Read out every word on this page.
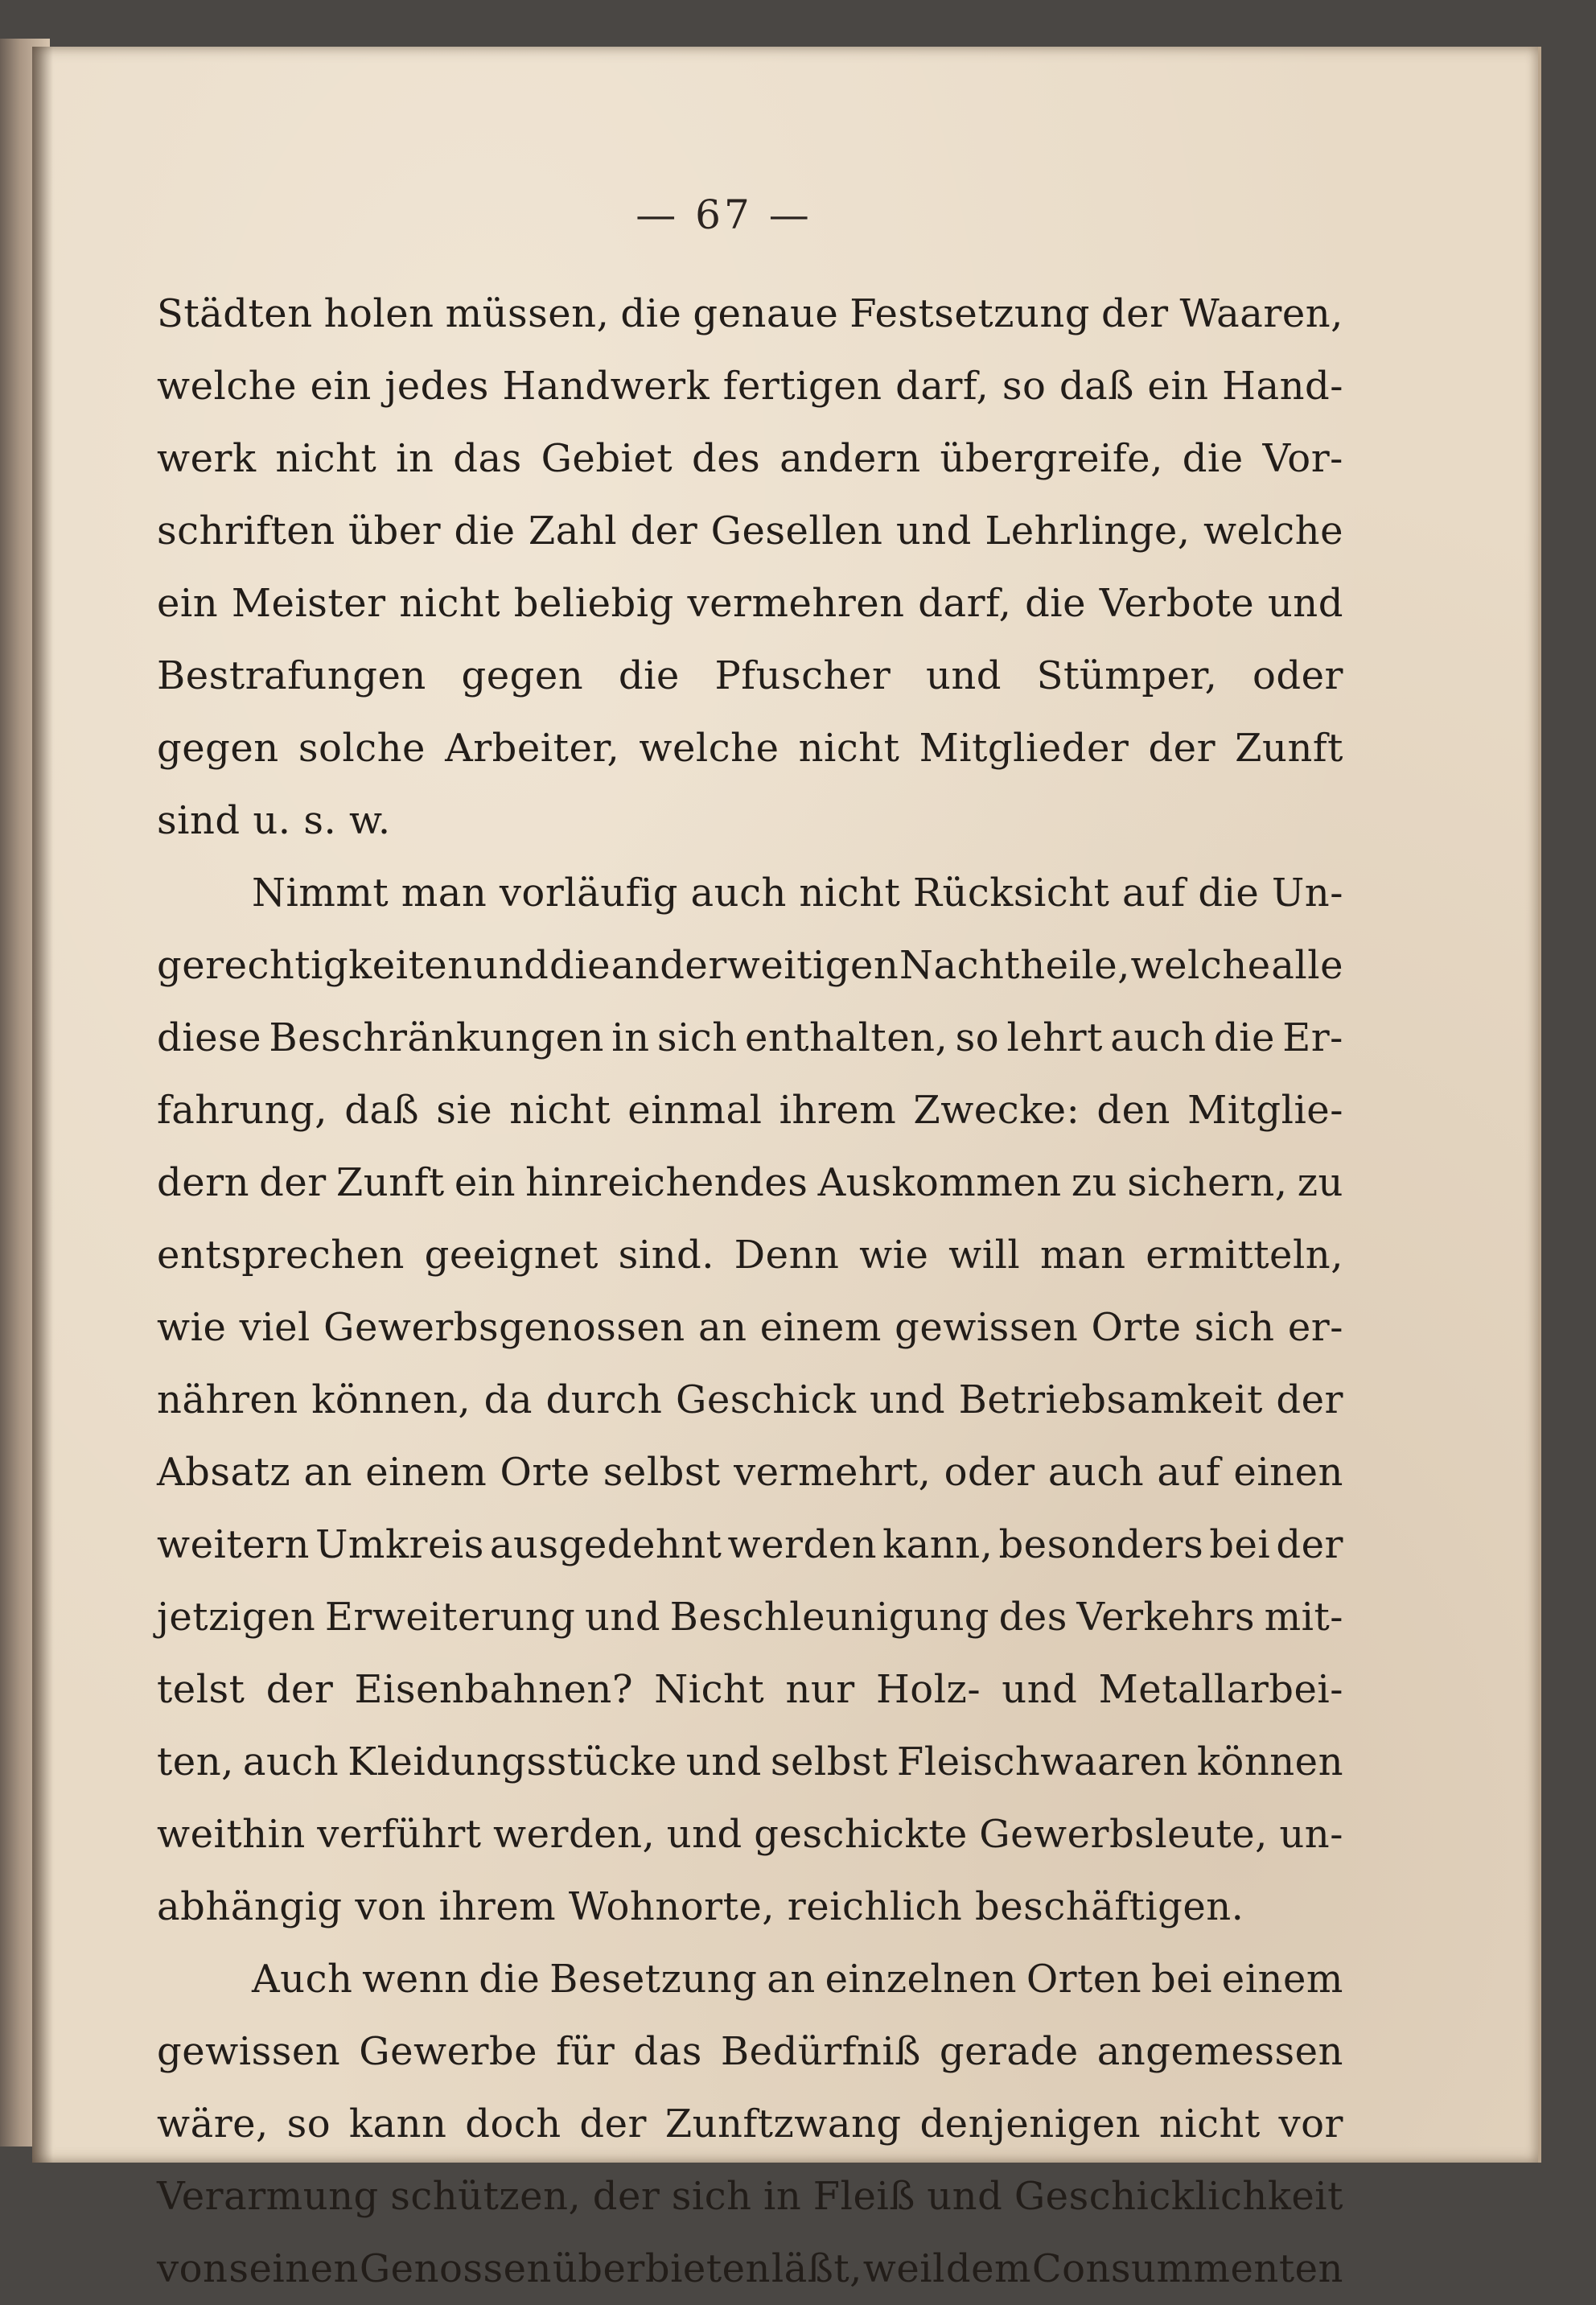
— 67 —
Städten holen müssen, die genaue Festsetzung der Waaren,
welche ein jedes Handwerk fertigen darf, so daß ein Hand-
werk nicht in das Gebiet des andern übergreife, die Vor-
schriften über die Zahl der Gesellen und Lehrlinge, welche
ein Meister nicht beliebig vermehren darf, die Verbote und
Bestrafungen gegen die Pfuscher und Stümper, oder
gegen solche Arbeiter, welche nicht Mitglieder der Zunft
sind u. s. w.
Nimmt man vorläufig auch nicht Rücksicht auf die Un-
gerechtigkeiten und die anderweitigen Nachtheile, welche alle
diese Beschränkungen in sich enthalten, so lehrt auch die Er-
fahrung, daß sie nicht einmal ihrem Zwecke: den Mitglie-
dern der Zunft ein hinreichendes Auskommen zu sichern, zu
entsprechen geeignet sind. Denn wie will man ermitteln,
wie viel Gewerbsgenossen an einem gewissen Orte sich er-
nähren können, da durch Geschick und Betriebsamkeit der
Absatz an einem Orte selbst vermehrt, oder auch auf einen
weitern Umkreis ausgedehnt werden kann, besonders bei der
jetzigen Erweiterung und Beschleunigung des Verkehrs mit-
telst der Eisenbahnen? Nicht nur Holz- und Metallarbei-
ten, auch Kleidungsstücke und selbst Fleischwaaren können
weithin verführt werden, und geschickte Gewerbsleute, un-
abhängig von ihrem Wohnorte, reichlich beschäftigen.
Auch wenn die Besetzung an einzelnen Orten bei einem
gewissen Gewerbe für das Bedürfniß gerade angemessen
wäre, so kann doch der Zunftzwang denjenigen nicht vor
Verarmung schützen, der sich in Fleiß und Geschicklichkeit
von seinen Genossen überbieten läßt, weil dem Consummenten
